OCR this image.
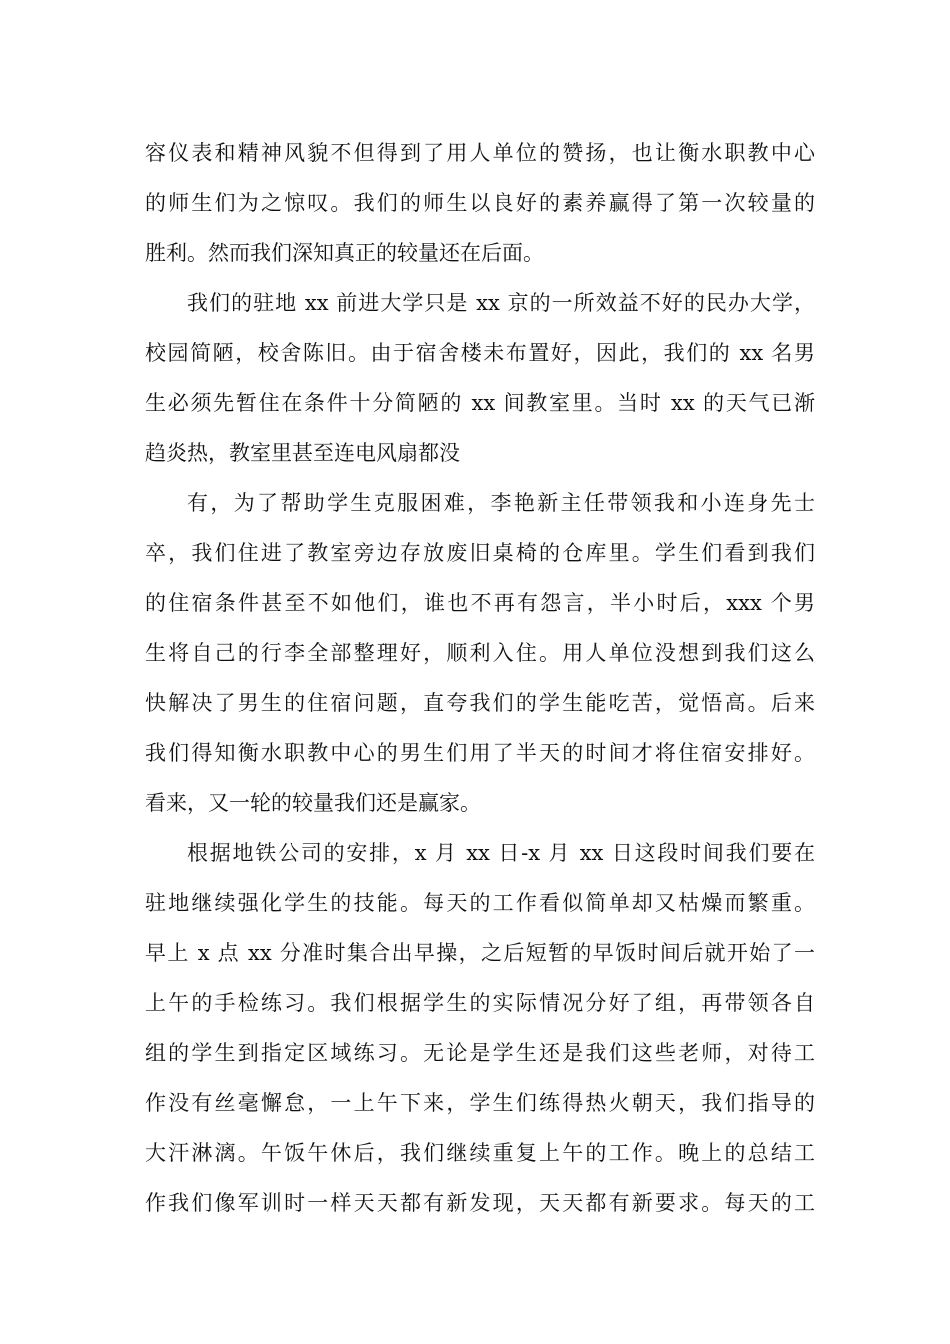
容仪表和精神风貌不但得到了用人单位的赞扬，也让衡水职教中心
的师生们为之惊叹。我们的师生以良好的素养赢得了第一次较量的
胜利。然而我们深知真正的较量还在后面。
我们的驻地 xx 前进大学只是 xx 京的一所效益不好的民办大学，
校园简陋，校舍陈旧。由于宿舍楼未布置好，因此，我们的 xx 名男
生必须先暂住在条件十分简陋的 xx 间教室里。当时 xx 的天气已渐
趋炎热，教室里甚至连电风扇都没
有，为了帮助学生克服困难，李艳新主任带领我和小连身先士
卒，我们住进了教室旁边存放废旧桌椅的仓库里。学生们看到我们
的住宿条件甚至不如他们，谁也不再有怨言，半小时后，xxx 个男
生将自己的行李全部整理好，顺利入住。用人单位没想到我们这么
快解决了男生的住宿问题，直夸我们的学生能吃苦，觉悟高。后来
我们得知衡水职教中心的男生们用了半天的时间才将住宿安排好。
看来，又一轮的较量我们还是赢家。
根据地铁公司的安排，x 月 xx 日-x 月 xx 日这段时间我们要在
驻地继续强化学生的技能。每天的工作看似简单却又枯燥而繁重。
早上 x 点 xx 分准时集合出早操，之后短暂的早饭时间后就开始了一
上午的手检练习。我们根据学生的实际情况分好了组，再带领各自
组的学生到指定区域练习。无论是学生还是我们这些老师，对待工
作没有丝毫懈怠，一上午下来，学生们练得热火朝天，我们指导的
大汗淋漓。午饭午休后，我们继续重复上午的工作。晚上的总结工
作我们像军训时一样天天都有新发现，天天都有新要求。每天的工
